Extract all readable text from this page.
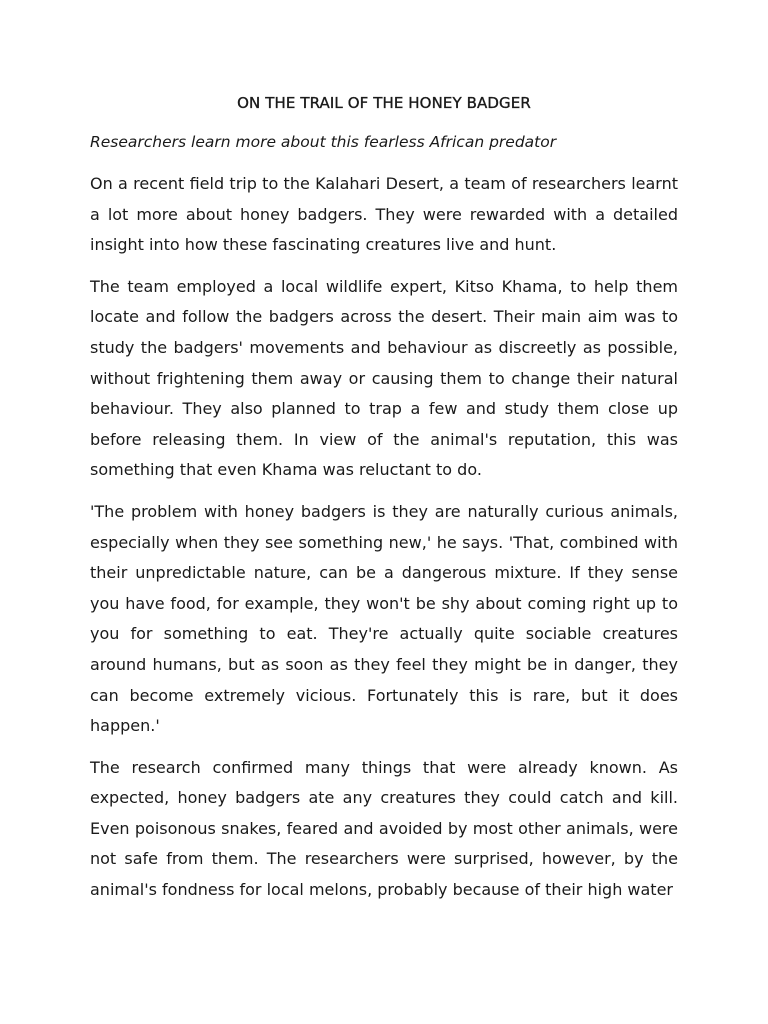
ON THE TRAIL OF THE HONEY BADGER

Researchers learn more about this fearless African predator

On a recent field trip to the Kalahari Desert, a team of researchers learnt a lot more about honey badgers. They were rewarded with a detailed insight into how these fascinating creatures live and hunt.

The team employed a local wildlife expert, Kitso Khama, to help them locate and follow the badgers across the desert. Their main aim was to study the badgers' movements and behaviour as discreetly as possible, without frightening them away or causing them to change their natural behaviour. They also planned to trap a few and study them close up before releasing them. In view of the animal's reputation, this was something that even Khama was reluctant to do.

'The problem with honey badgers is they are naturally curious animals, especially when they see something new,' he says. 'That, combined with their unpredictable nature, can be a dangerous mixture. If they sense you have food, for example, they won't be shy about coming right up to you for something to eat. They're actually quite sociable creatures around humans, but as soon as they feel they might be in danger, they can become extremely vicious. Fortunately this is rare, but it does happen.'

The research confirmed many things that were already known. As expected, honey badgers ate any creatures they could catch and kill. Even poisonous snakes, feared and avoided by most other animals, were not safe from them. The researchers were surprised, however, by the animal's fondness for local melons, probably because of their high water
